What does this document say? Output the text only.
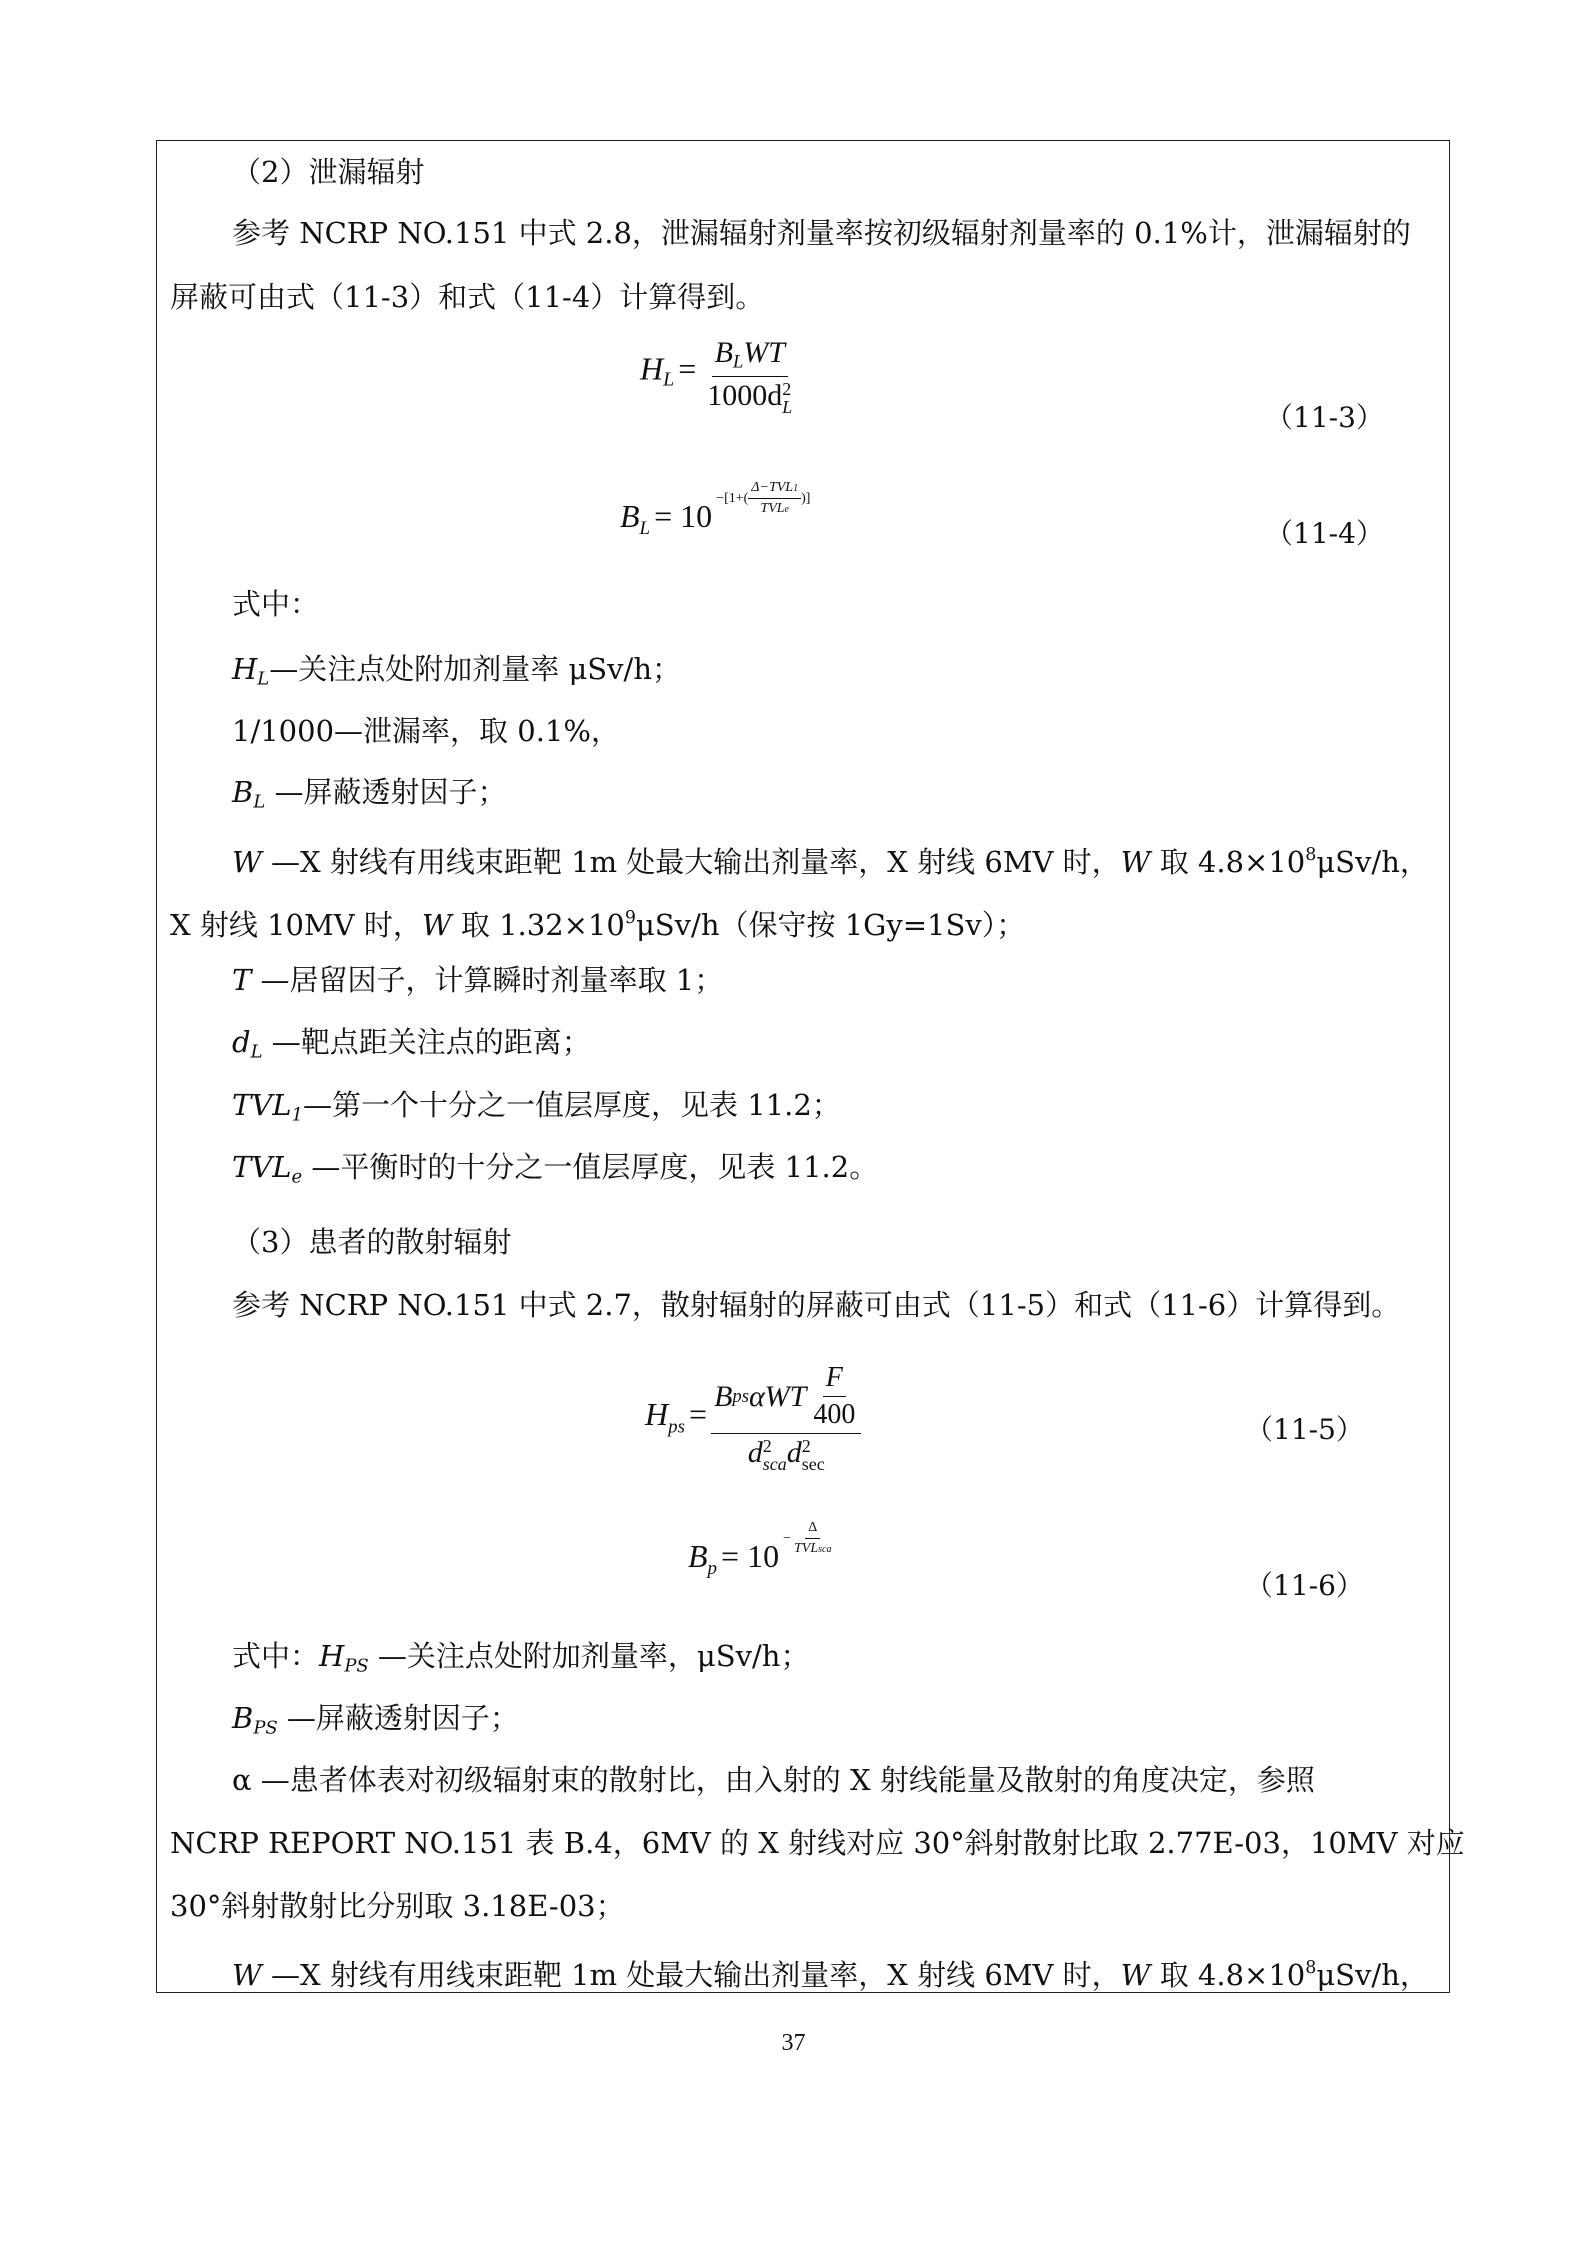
（2）泄漏辐射
参考 NCRP NO.151 中式 2.8，泄漏辐射剂量率按初级辐射剂量率的 0.1%计，泄漏辐射的
屏蔽可由式（11-3）和式（11-4）计算得到。
HL = $B_LWT$
1000d 2
L
（11-3）
BL = $10 -[1+( \frac{\text{Δ−TVL1}}{\text{TVLe}}$ )]
（11-4）
式中：
$H_L—$关注点处附加剂量率 μSv/h；
1/1000—泄漏率，取 0.1%，
$B_L$ —屏蔽透射因子；
W —X 射线有用线束距靶 1m 处最大输出剂量率，X 射线 6MV 时，W 取 $4.8\times 10^8\mu Sv/h$，
X 射线 10MV 时，W 取 $1.32\times 10^9\mu Sv/h$（保守按 1Gy=1Sv）；
T —居留因子，计算瞬时剂量率取 1；
$d_L$ —靶点距关注点的距离；
$TVL_1—$第一个十分之一值层厚度，见表 11.2；
$TVL_e$ —平衡时的十分之一值层厚度，见表 11.2。
（3）患者的散射辐射
参考 NCRP NO.151 中式 2.7，散射辐射的屏蔽可由式（11-5）和式（11-6）计算得到。
Hps = B ps αWT $\frac{F}{400}$
d 2
sca d 2
sec	（11-5）
$Bp = 10 - \frac{\Delta}{\text{TVLsca}}$
（11-6）
式中：$H_{PS}$ —关注点处附加剂量率，μSv/h；
$B_{PS}$ —屏蔽透射因子；
α —患者体表对初级辐射束的散射比，由入射的 X 射线能量及散射的角度决定，参照
NCRP REPORT NO.151 表 B.4，6MV 的 X 射线对应 30°斜射散射比取 2.77E-03，10MV 对应
30°斜射散射比分别取 3.18E-03；
W —X 射线有用线束距靶 1m 处最大输出剂量率，X 射线 6MV 时，W 取 $4.8\times 10^8\mu Sv/h$，
37
